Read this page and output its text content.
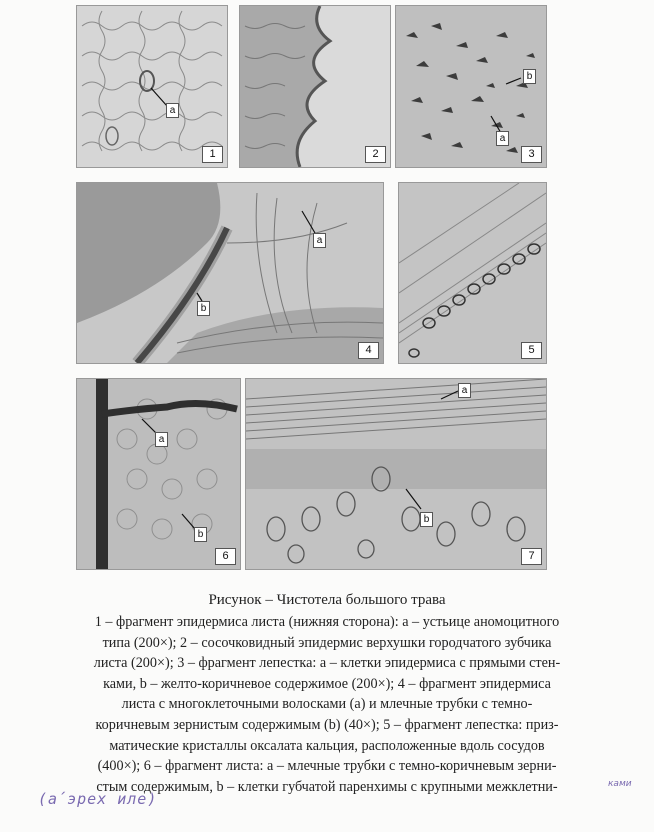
a
1	2
b
a
3
a
b
4	5
a
b
6
a
b
7
Рисунок – Чистотела большого трава
1 – фрагмент эпидермиса листа (нижняя сторона): а – устьице аномоцитного
типа (200×); 2 – сосочковидный эпидермис верхушки городчатого зубчика
листа (200×); 3 – фрагмент лепестка: а – клетки эпидермиса с прямыми стен-
ками, b – желто-коричневое содержимое (200×); 4 – фрагмент эпидермиса
листа с многоклеточными волосками (а) и млечные трубки с темно-
коричневым зернистым содержимым (b) (40×); 5 – фрагмент лепестка: приз-
матические кристаллы оксалата кальция, расположенные вдоль сосудов
(400×); 6 – фрагмент листа: а – млечные трубки с темно-коричневым зерни-
стым содержимым, b – клетки губчатой паренхимы с крупными межклетни-	ками
(а́эрех иле)
